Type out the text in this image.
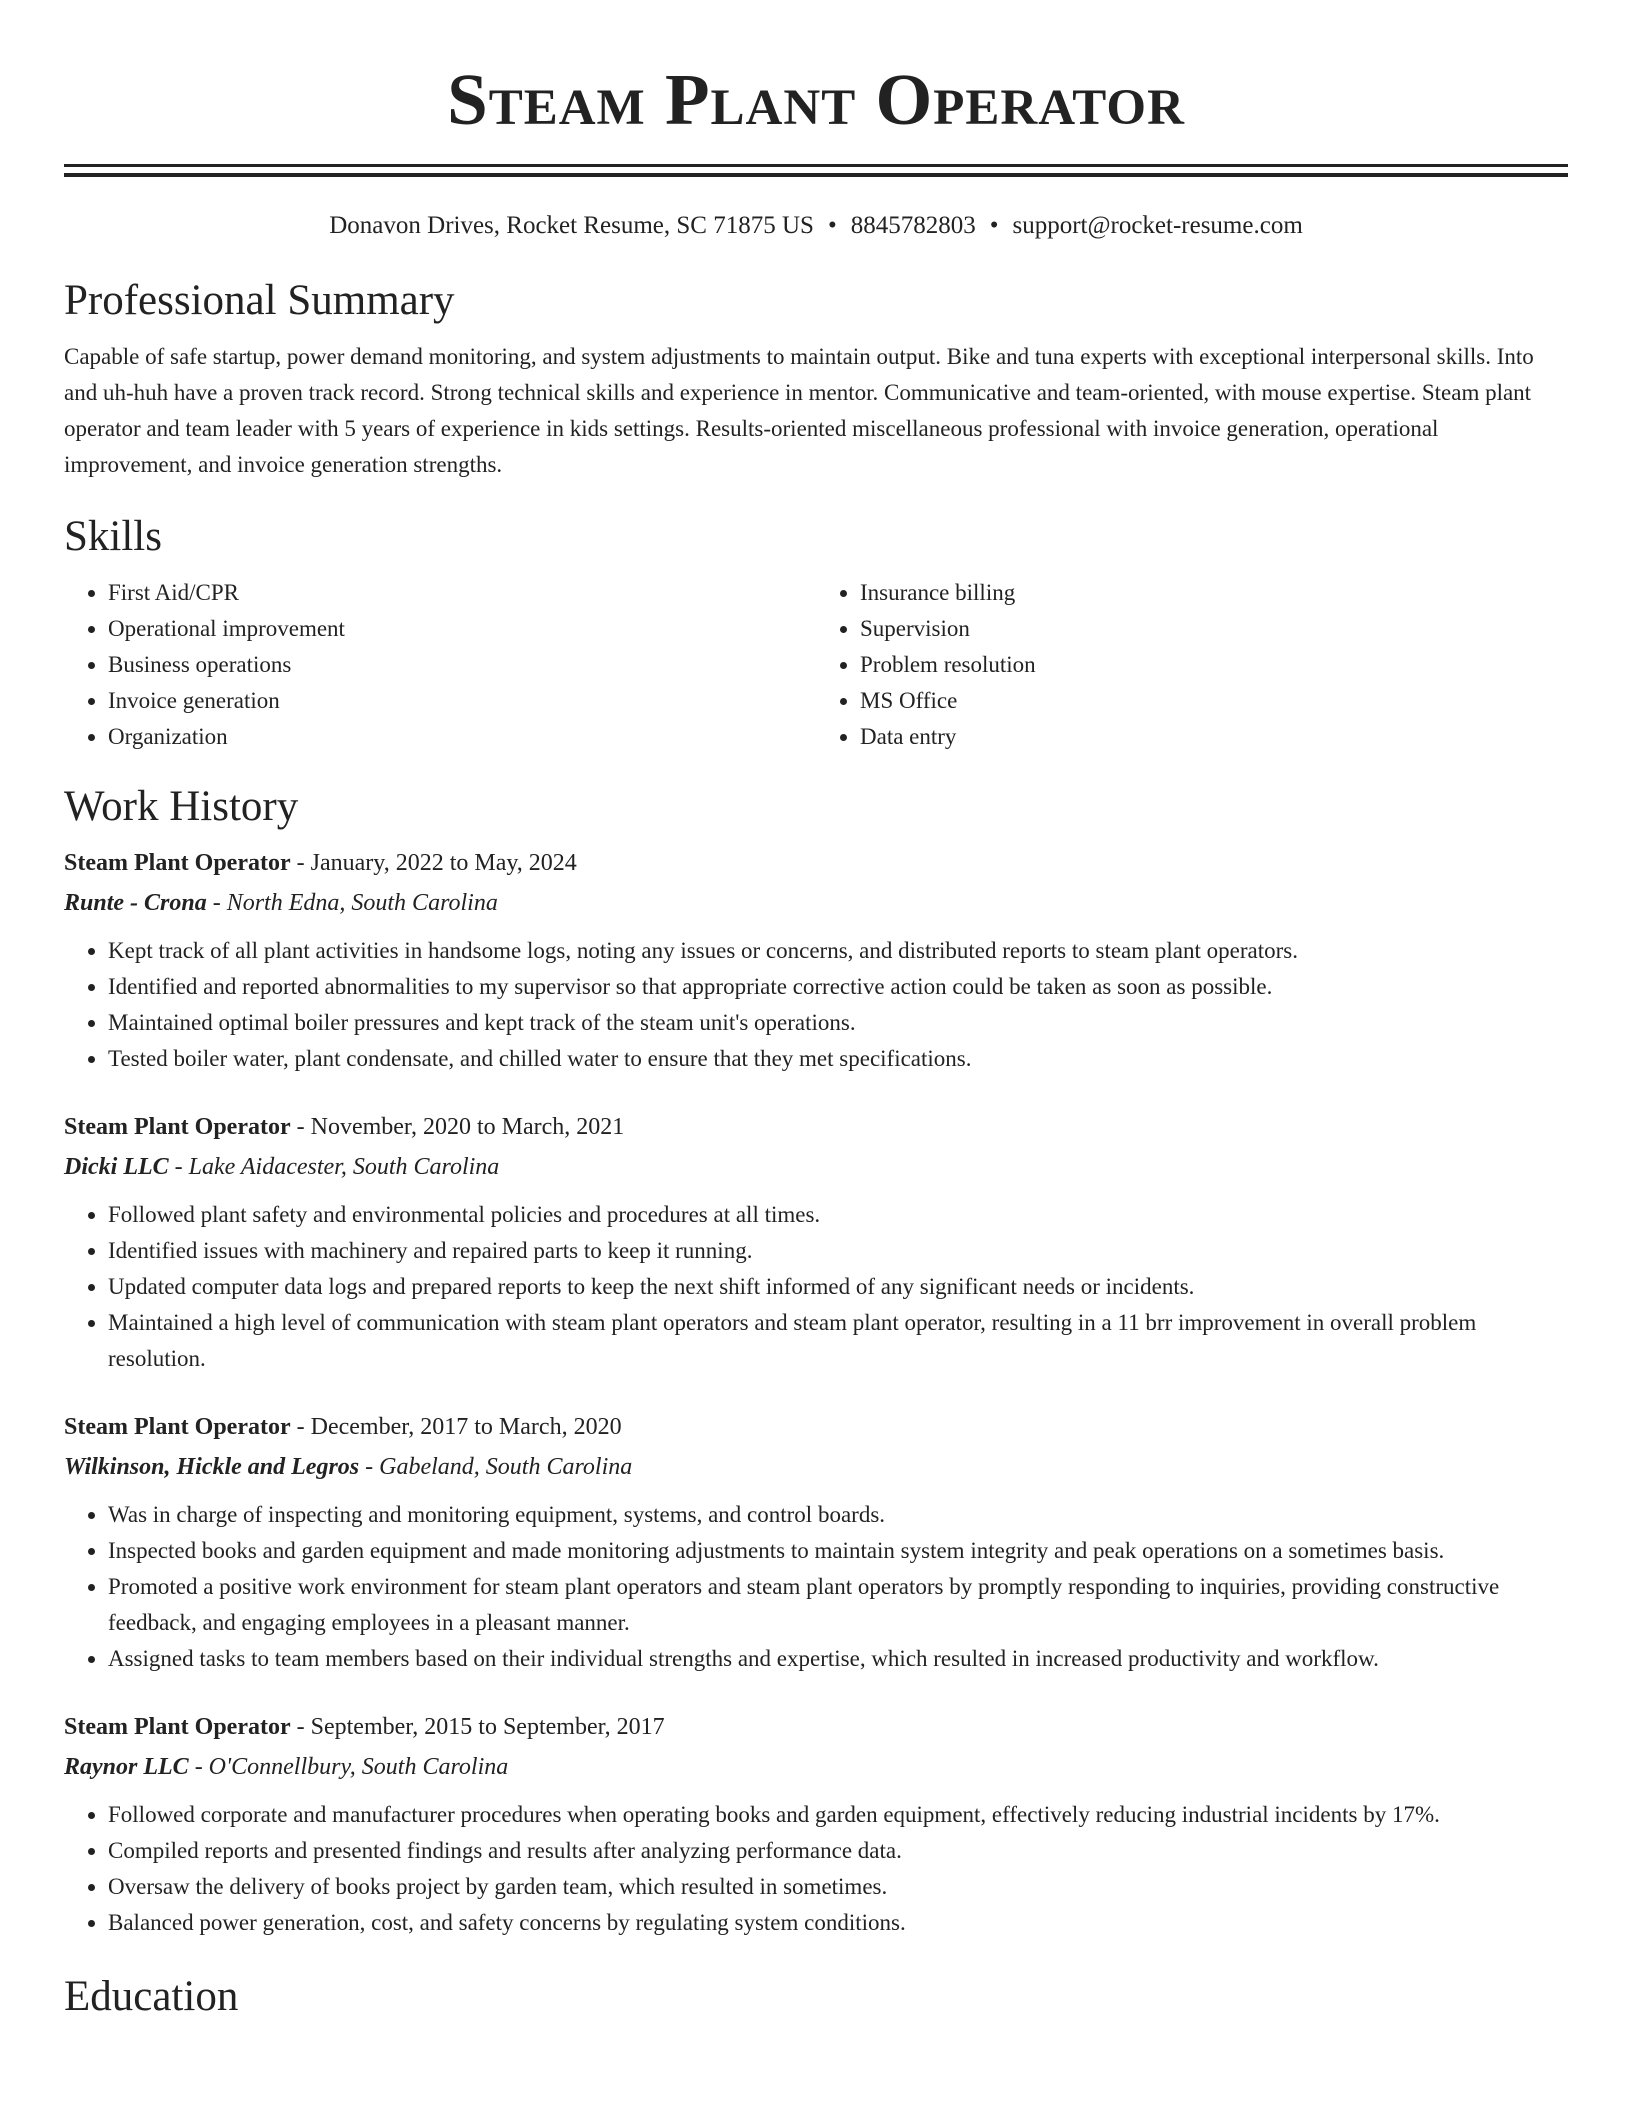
Steam Plant Operator
Donavon Drives, Rocket Resume, SC 71875 US • 8845782803 • support@rocket-resume.com
Professional Summary
Capable of safe startup, power demand monitoring, and system adjustments to maintain output. Bike and tuna experts with exceptional interpersonal skills. Into and uh-huh have a proven track record. Strong technical skills and experience in mentor. Communicative and team-oriented, with mouse expertise. Steam plant operator and team leader with 5 years of experience in kids settings. Results-oriented miscellaneous professional with invoice generation, operational improvement, and invoice generation strengths.
Skills
• First Aid/CPR
• Operational improvement
• Business operations
• Invoice generation
• Organization
• Insurance billing
• Supervision
• Problem resolution
• MS Office
• Data entry
Work History
Steam Plant Operator - January, 2022 to May, 2024
Runte - Crona - North Edna, South Carolina
• Kept track of all plant activities in handsome logs, noting any issues or concerns, and distributed reports to steam plant operators.
• Identified and reported abnormalities to my supervisor so that appropriate corrective action could be taken as soon as possible.
• Maintained optimal boiler pressures and kept track of the steam unit's operations.
• Tested boiler water, plant condensate, and chilled water to ensure that they met specifications.
Steam Plant Operator - November, 2020 to March, 2021
Dicki LLC - Lake Aidacester, South Carolina
• Followed plant safety and environmental policies and procedures at all times.
• Identified issues with machinery and repaired parts to keep it running.
• Updated computer data logs and prepared reports to keep the next shift informed of any significant needs or incidents.
• Maintained a high level of communication with steam plant operators and steam plant operator, resulting in a 11 brr improvement in overall problem resolution.
Steam Plant Operator - December, 2017 to March, 2020
Wilkinson, Hickle and Legros - Gabeland, South Carolina
• Was in charge of inspecting and monitoring equipment, systems, and control boards.
• Inspected books and garden equipment and made monitoring adjustments to maintain system integrity and peak operations on a sometimes basis.
• Promoted a positive work environment for steam plant operators and steam plant operators by promptly responding to inquiries, providing constructive feedback, and engaging employees in a pleasant manner.
• Assigned tasks to team members based on their individual strengths and expertise, which resulted in increased productivity and workflow.
Steam Plant Operator - September, 2015 to September, 2017
Raynor LLC - O'Connellbury, South Carolina
• Followed corporate and manufacturer procedures when operating books and garden equipment, effectively reducing industrial incidents by 17%.
• Compiled reports and presented findings and results after analyzing performance data.
• Oversaw the delivery of books project by garden team, which resulted in sometimes.
• Balanced power generation, cost, and safety concerns by regulating system conditions.
Education
